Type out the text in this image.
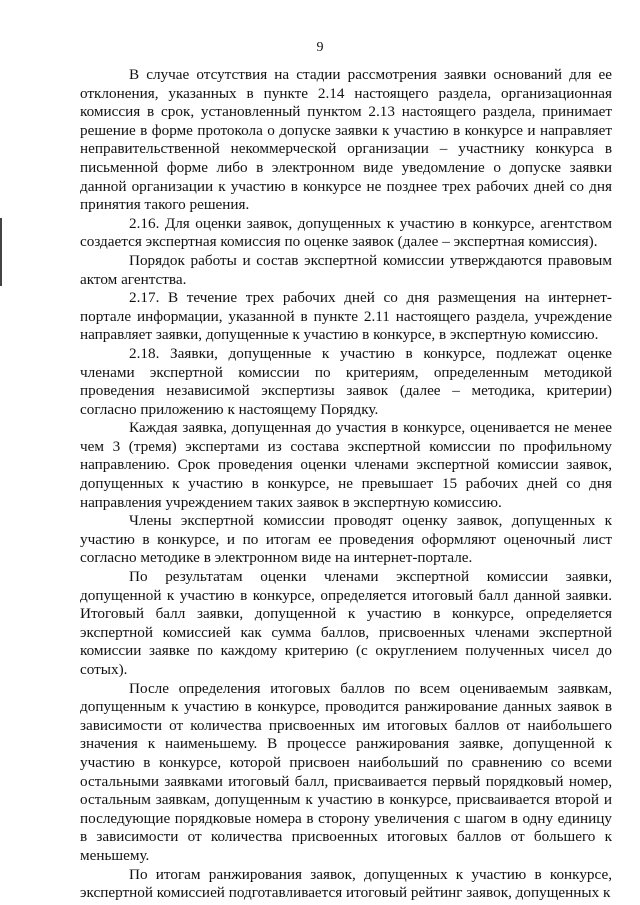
9

В случае отсутствия на стадии рассмотрения заявки оснований для ее отклонения, указанных в пункте 2.14 настоящего раздела, организационная комиссия в срок, установленный пунктом 2.13 настоящего раздела, принимает решение в форме протокола о допуске заявки к участию в конкурсе и направляет неправительственной некоммерческой организации – участнику конкурса в письменной форме либо в электронном виде уведомление о допуске заявки данной организации к участию в конкурсе не позднее трех рабочих дней со дня принятия такого решения.

2.16. Для оценки заявок, допущенных к участию в конкурсе, агентством создается экспертная комиссия по оценке заявок (далее – экспертная комиссия).

Порядок работы и состав экспертной комиссии утверждаются правовым актом агентства.

2.17. В течение трех рабочих дней со дня размещения на интернет-портале информации, указанной в пункте 2.11 настоящего раздела, учреждение направляет заявки, допущенные к участию в конкурсе, в экспертную комиссию.

2.18. Заявки, допущенные к участию в конкурсе, подлежат оценке членами экспертной комиссии по критериям, определенным методикой проведения независимой экспертизы заявок (далее – методика, критерии) согласно приложению к настоящему Порядку.

Каждая заявка, допущенная до участия в конкурсе, оценивается не менее чем 3 (тремя) экспертами из состава экспертной комиссии по профильному направлению. Срок проведения оценки членами экспертной комиссии заявок, допущенных к участию в конкурсе, не превышает 15 рабочих дней со дня направления учреждением таких заявок в экспертную комиссию.

Члены экспертной комиссии проводят оценку заявок, допущенных к участию в конкурсе, и по итогам ее проведения оформляют оценочный лист согласно методике в электронном виде на интернет-портале.

По результатам оценки членами экспертной комиссии заявки, допущенной к участию в конкурсе, определяется итоговый балл данной заявки. Итоговый балл заявки, допущенной к участию в конкурсе, определяется экспертной комиссией как сумма баллов, присвоенных членами экспертной комиссии заявке по каждому критерию (с округлением полученных чисел до сотых).

После определения итоговых баллов по всем оцениваемым заявкам, допущенным к участию в конкурсе, проводится ранжирование данных заявок в зависимости от количества присвоенных им итоговых баллов от наибольшего значения к наименьшему. В процессе ранжирования заявке, допущенной к участию в конкурсе, которой присвоен наибольший по сравнению со всеми остальными заявками итоговый балл, присваивается первый порядковый номер, остальным заявкам, допущенным к участию в конкурсе, присваивается второй и последующие порядковые номера в сторону увеличения с шагом в одну единицу в зависимости от количества присвоенных итоговых баллов от большего к меньшему.

По итогам ранжирования заявок, допущенных к участию в конкурсе, экспертной комиссией подготавливается итоговый рейтинг заявок, допущенных к
